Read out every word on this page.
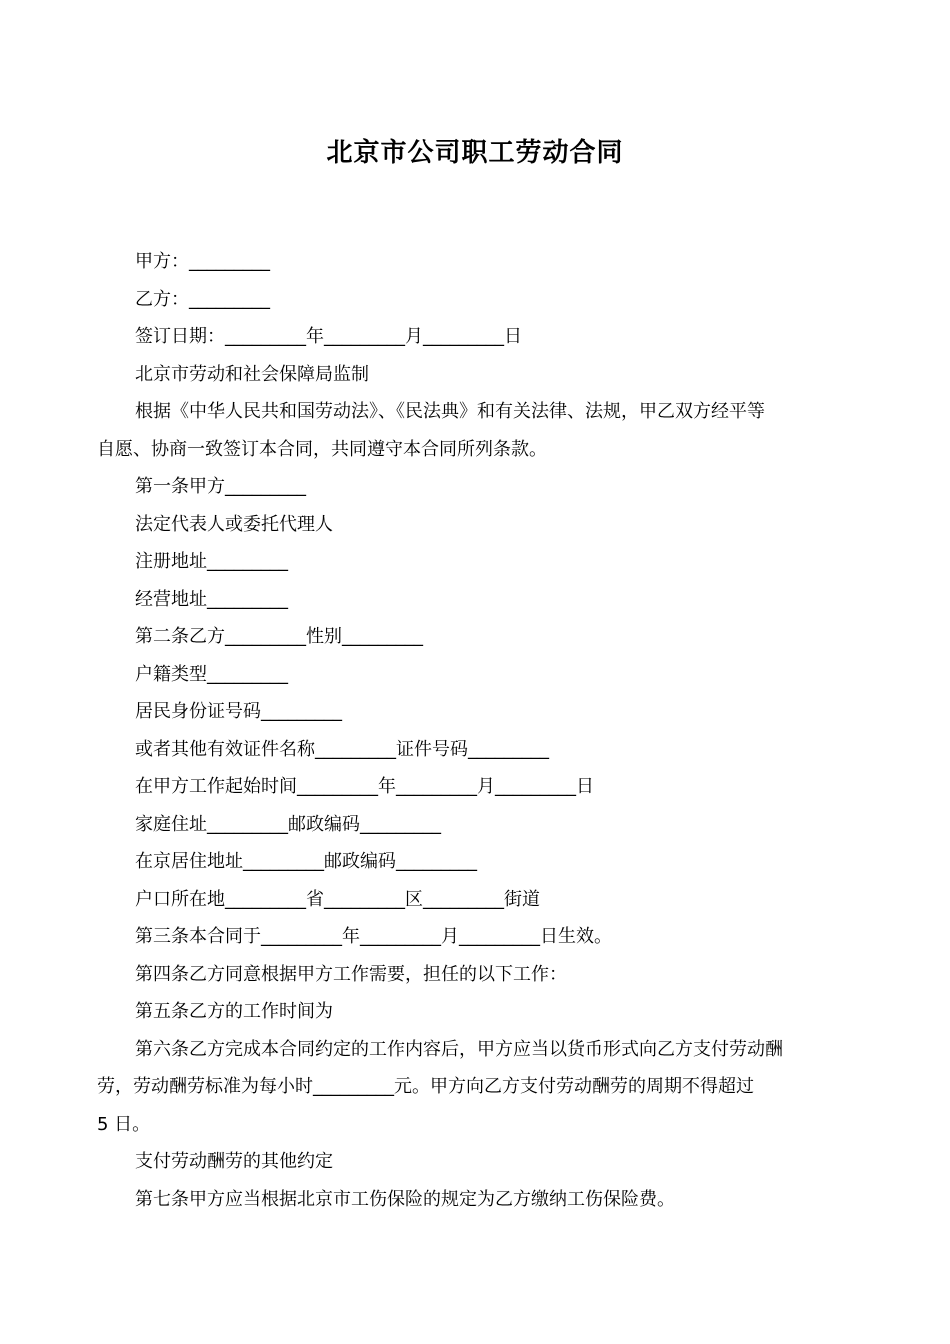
北京市公司职工劳动合同

甲方：_________

乙方：_________

签订日期：_________年_________月_________日

北京市劳动和社会保障局监制

根据《中华人民共和国劳动法》、《民法典》和有关法律、法规，甲乙双方经平等
自愿、协商一致签订本合同，共同遵守本合同所列条款。

第一条甲方_________

法定代表人或委托代理人

注册地址_________

经营地址_________

第二条乙方_________性别_________

户籍类型_________

居民身份证号码_________

或者其他有效证件名称_________证件号码_________

在甲方工作起始时间_________年_________月_________日

家庭住址_________邮政编码_________

在京居住地址_________邮政编码_________

户口所在地_________省_________区_________街道

第三条本合同于_________年_________月_________日生效。

第四条乙方同意根据甲方工作需要，担任的以下工作：

第五条乙方的工作时间为

第六条乙方完成本合同约定的工作内容后，甲方应当以货币形式向乙方支付劳动酬
劳，劳动酬劳标准为每小时_________元。甲方向乙方支付劳动酬劳的周期不得超过
5 日。

支付劳动酬劳的其他约定

第七条甲方应当根据北京市工伤保险的规定为乙方缴纳工伤保险费。
